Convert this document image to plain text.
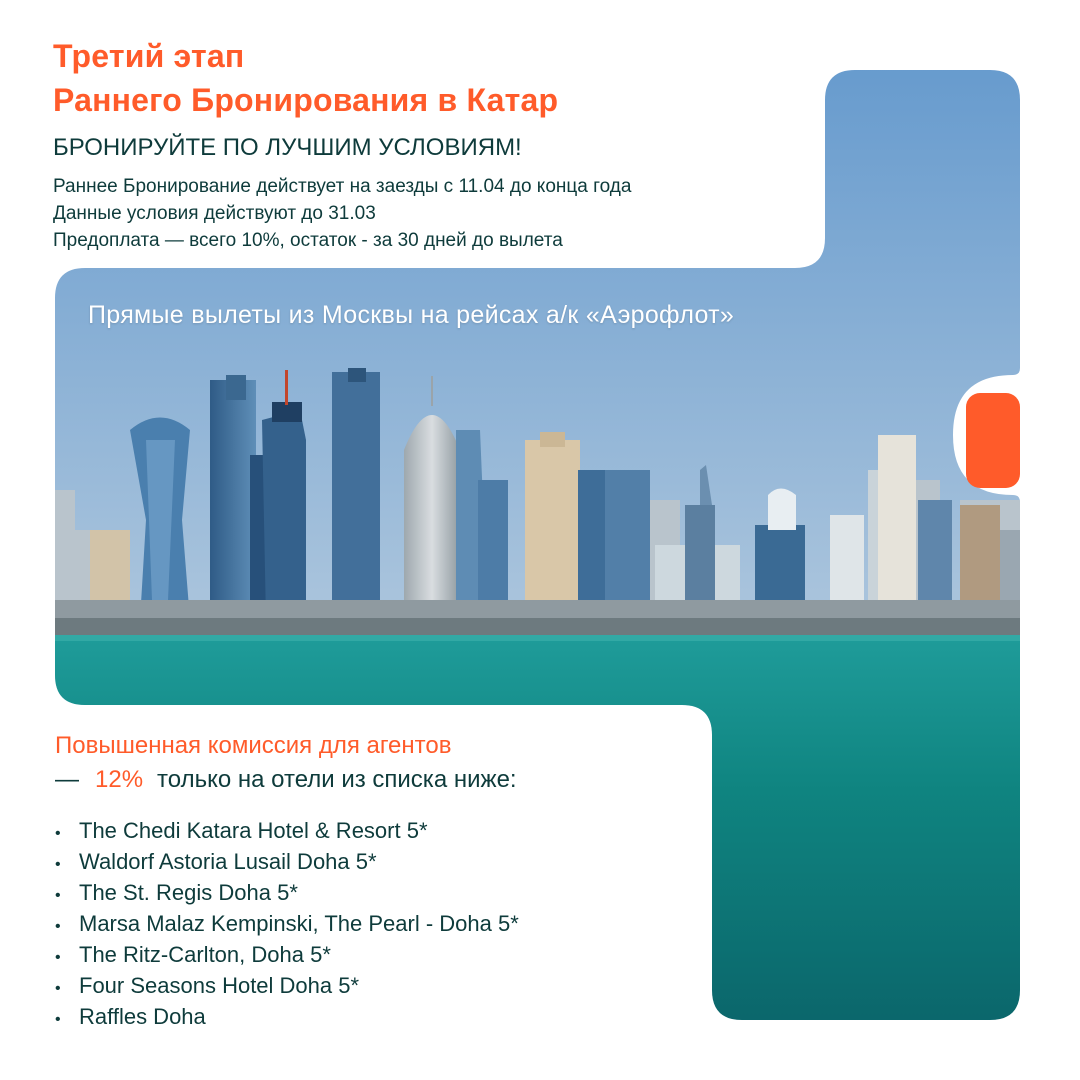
Третий этап
Раннего Бронирования в Катар
БРОНИРУЙТЕ ПО ЛУЧШИМ УСЛОВИЯМ!
Раннее Бронирование действует на заезды с 11.04 до конца года
Данные условия действуют до 31.03
Предоплата — всего 10%, остаток - за 30 дней до вылета
Прямые вылеты из Москвы на рейсах а/к «Аэрофлот»
Повышенная комиссия для агентов
— 12% только на отели из списка ниже:
• The Chedi Katara Hotel & Resort 5*
• Waldorf Astoria Lusail Doha 5*
• The St. Regis Doha 5*
• Marsa Malaz Kempinski, The Pearl - Doha 5*
• The Ritz-Carlton, Doha 5*
• Four Seasons Hotel Doha 5*
• Raffles Doha
